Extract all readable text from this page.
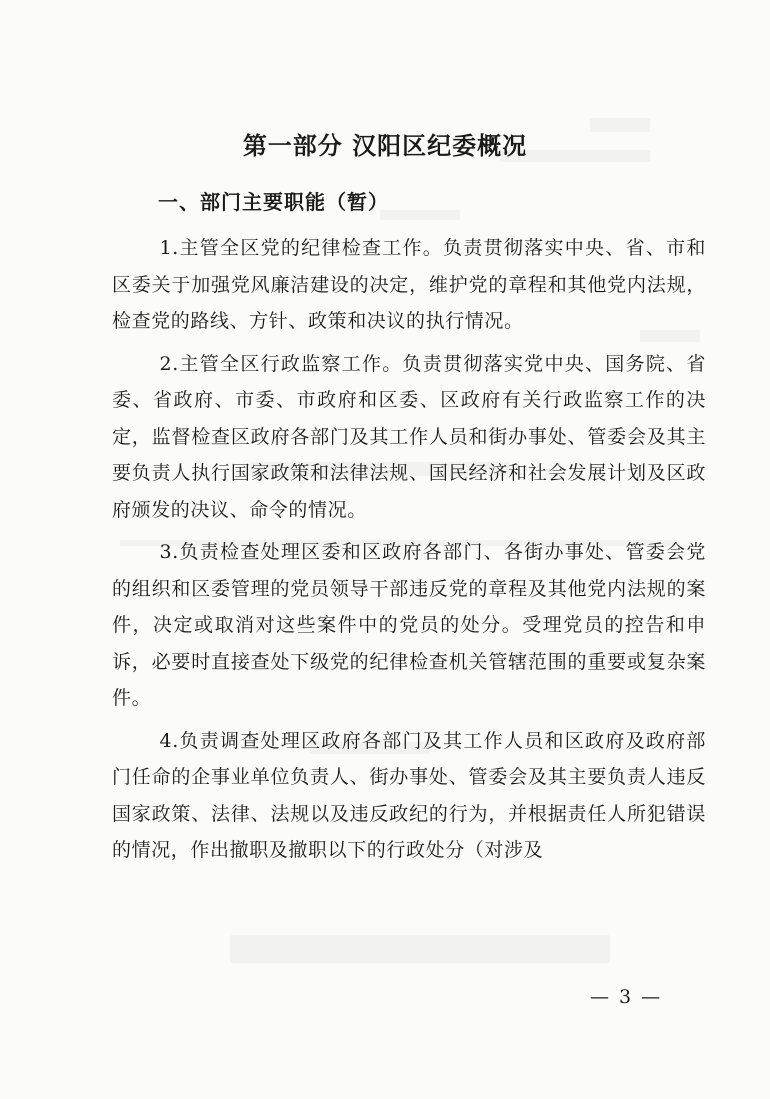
第一部分 汉阳区纪委概况
一、部门主要职能（暂）

1.主管全区党的纪律检查工作。负责贯彻落实中央、省、市和区委关于加强党风廉洁建设的决定，维护党的章程和其他党内法规，检查党的路线、方针、政策和决议的执行情况。

2.主管全区行政监察工作。负责贯彻落实党中央、国务院、省委、省政府、市委、市政府和区委、区政府有关行政监察工作的决定，监督检查区政府各部门及其工作人员和街办事处、管委会及其主要负责人执行国家政策和法律法规、国民经济和社会发展计划及区政府颁发的决议、命令的情况。

3.负责检查处理区委和区政府各部门、各街办事处、管委会党的组织和区委管理的党员领导干部违反党的章程及其他党内法规的案件，决定或取消对这些案件中的党员的处分。受理党员的控告和申诉，必要时直接查处下级党的纪律检查机关管辖范围的重要或复杂案件。

4.负责调查处理区政府各部门及其工作人员和区政府及政府部门任命的企事业单位负责人、街办事处、管委会及其主要负责人违反国家政策、法律、法规以及违反政纪的行为，并根据责任人所犯错误的情况，作出撤职及撤职以下的行政处分（对涉及

— 3 —
